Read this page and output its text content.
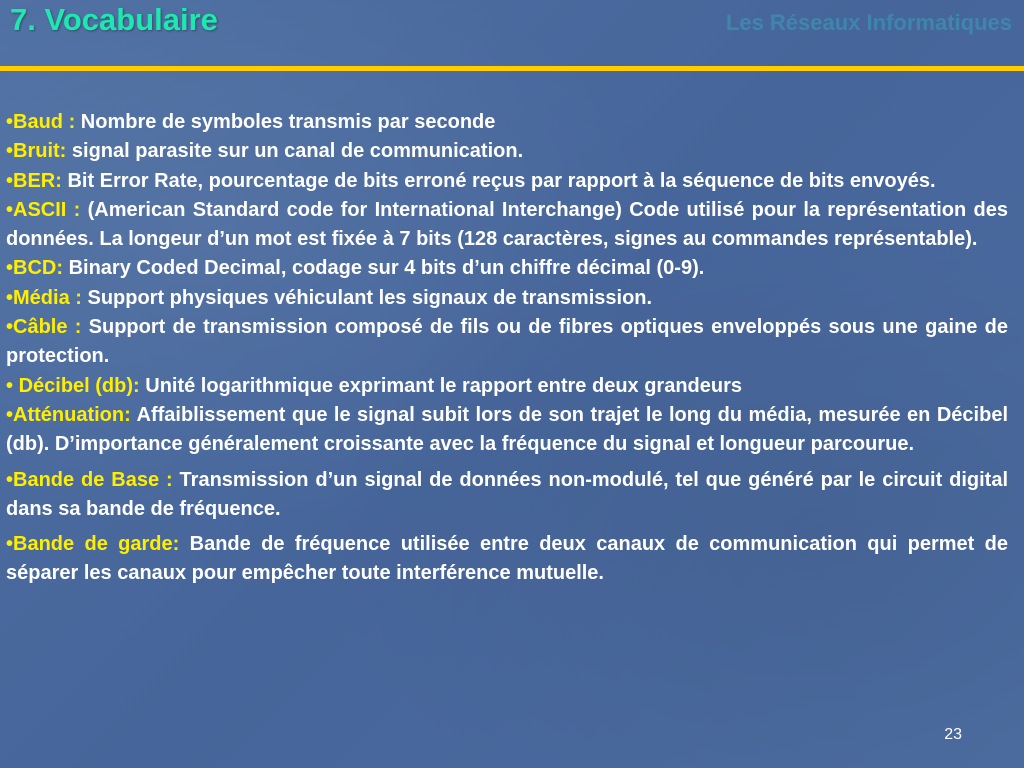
7. Vocabulaire	Les Réseaux Informatiques

•Baud : Nombre de symboles transmis par seconde

•Bruit: signal parasite sur un canal de communication.

•BER: Bit Error Rate, pourcentage de bits erroné reçus par rapport à la séquence de bits envoyés.

•ASCII : (American Standard code for International Interchange) Code utilisé pour la représentation des données. La longeur d’un mot est fixée à 7 bits (128 caractères, signes au commandes représentable).

•BCD: Binary Coded Decimal, codage sur 4 bits d’un chiffre décimal (0-9).

•Média : Support physiques véhiculant les signaux de transmission.

•Câble : Support de transmission composé de fils ou de fibres optiques enveloppés sous une gaine de protection.

• Décibel (db): Unité logarithmique exprimant le rapport entre deux grandeurs

•Atténuation: Affaiblissement que le signal subit lors de son trajet le long du média, mesurée en Décibel (db). D’importance généralement croissante avec la fréquence du signal et longueur parcourue.

•Bande de Base : Transmission d’un signal de données non-modulé, tel que généré par le circuit digital dans sa bande de fréquence.

•Bande de garde: Bande de fréquence utilisée entre deux canaux de communication qui permet de séparer les canaux pour empêcher toute interférence mutuelle.

23
